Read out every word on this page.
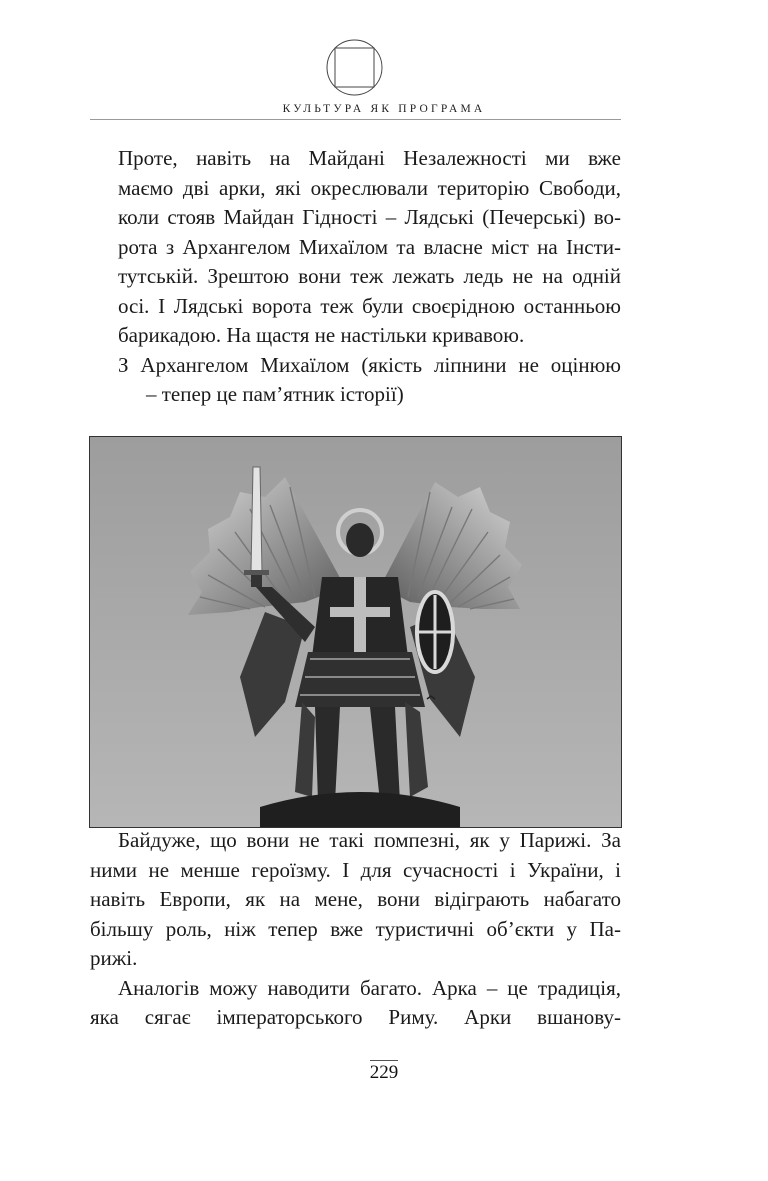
КУЛЬТУРА ЯК ПРОГРАМА

Проте, навіть на Майдані Незалежності ми вже
маємо дві арки, які окреслювали територію Свободи,
коли стояв Майдан Гідності – Лядські (Печерські) во-
рота з Архангелом Михаїлом та власне міст на Інсти-
тутській. Зрештою вони теж лежать ледь не на одній
осі. І Лядські ворота теж були своєрідною останньою
барикадою. На щастя не настільки кривавою.

З Архангелом Михаїлом (якість ліпнини не оцінюю
– тепер це пам’ятник історії)

Байдуже, що вони не такі помпезні, як у Парижі. За
ними не менше героїзму. І для сучасності і України, і
навіть Европи, як на мене, вони відіграють набагато
більшу роль, ніж тепер вже туристичні об’єкти у Па-
рижі.

Аналогів можу наводити багато. Арка – це традиція,
яка сягає імператорського Риму. Арки вшанову-

229
